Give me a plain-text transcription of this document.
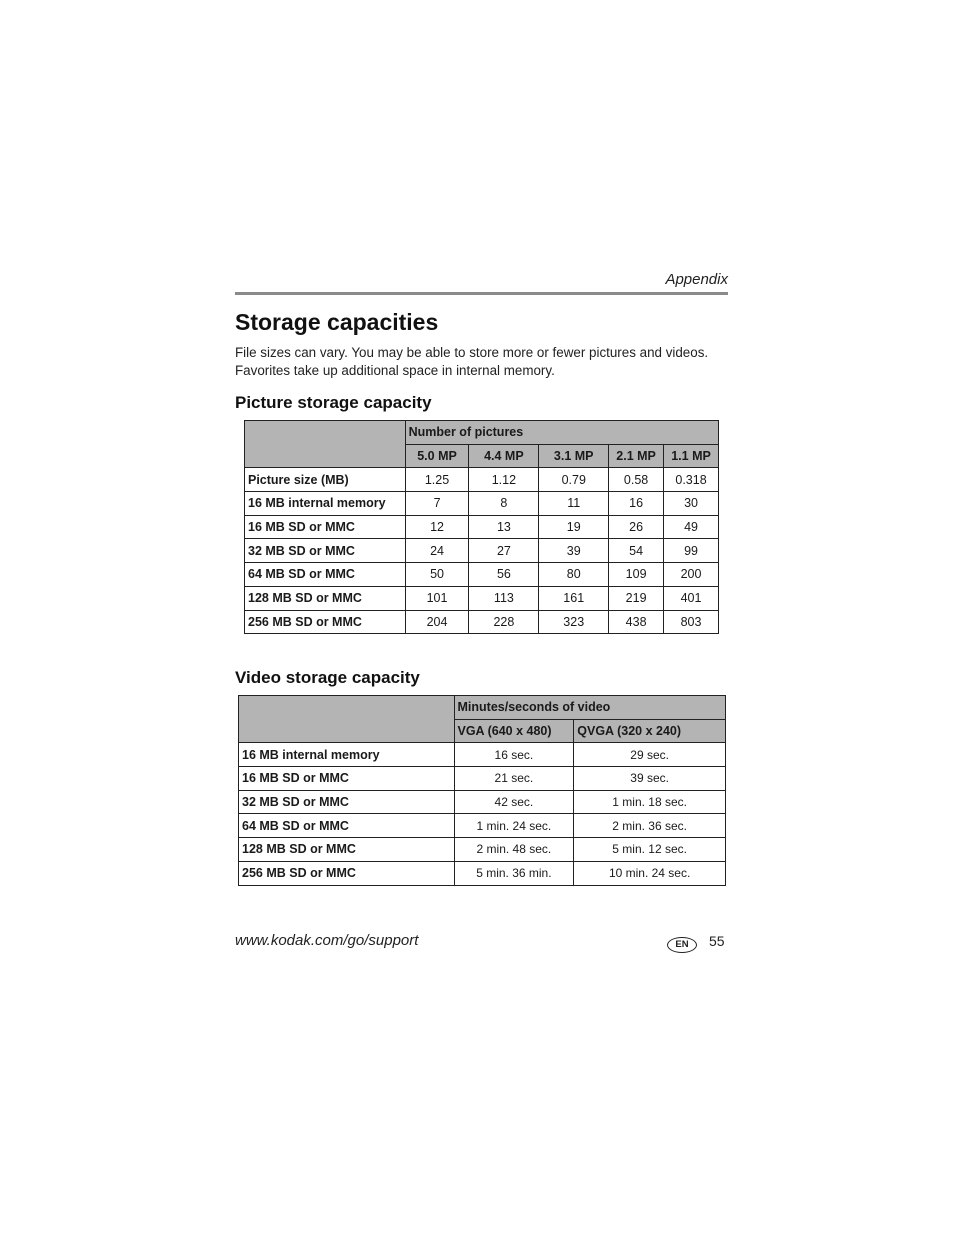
Appendix
Storage capacities

File sizes can vary. You may be able to store more or fewer pictures and videos. Favorites take up additional space in internal memory.

Picture storage capacity
	Number of pictures				
	5.0 MP	4.4 MP	3.1 MP	2.1 MP	1.1 MP
Picture size (MB)	1.25	1.12	0.79	0.58	0.318
16 MB internal memory	7	8	11	16	30
16 MB SD or MMC	12	13	19	26	49
32 MB SD or MMC	24	27	39	54	99
64 MB SD or MMC	50	56	80	109	200
128 MB SD or MMC	101	113	161	219	401
256 MB SD or MMC	204	228	323	438	803
Video storage capacity
	Minutes/seconds of video	
	VGA (640 x 480)	QVGA (320 x 240)
16 MB internal memory	16 sec.	29 sec.
16 MB SD or MMC	21 sec.	39 sec.
32 MB SD or MMC	42 sec.	1 min. 18 sec.
64 MB SD or MMC	1 min. 24 sec.	2 min. 36 sec.
128 MB SD or MMC	2 min. 48 sec.	5 min. 12 sec.
256 MB SD or MMC	5 min. 36 min.	10 min. 24 sec.
www.kodak.com/go/support	EN	55
